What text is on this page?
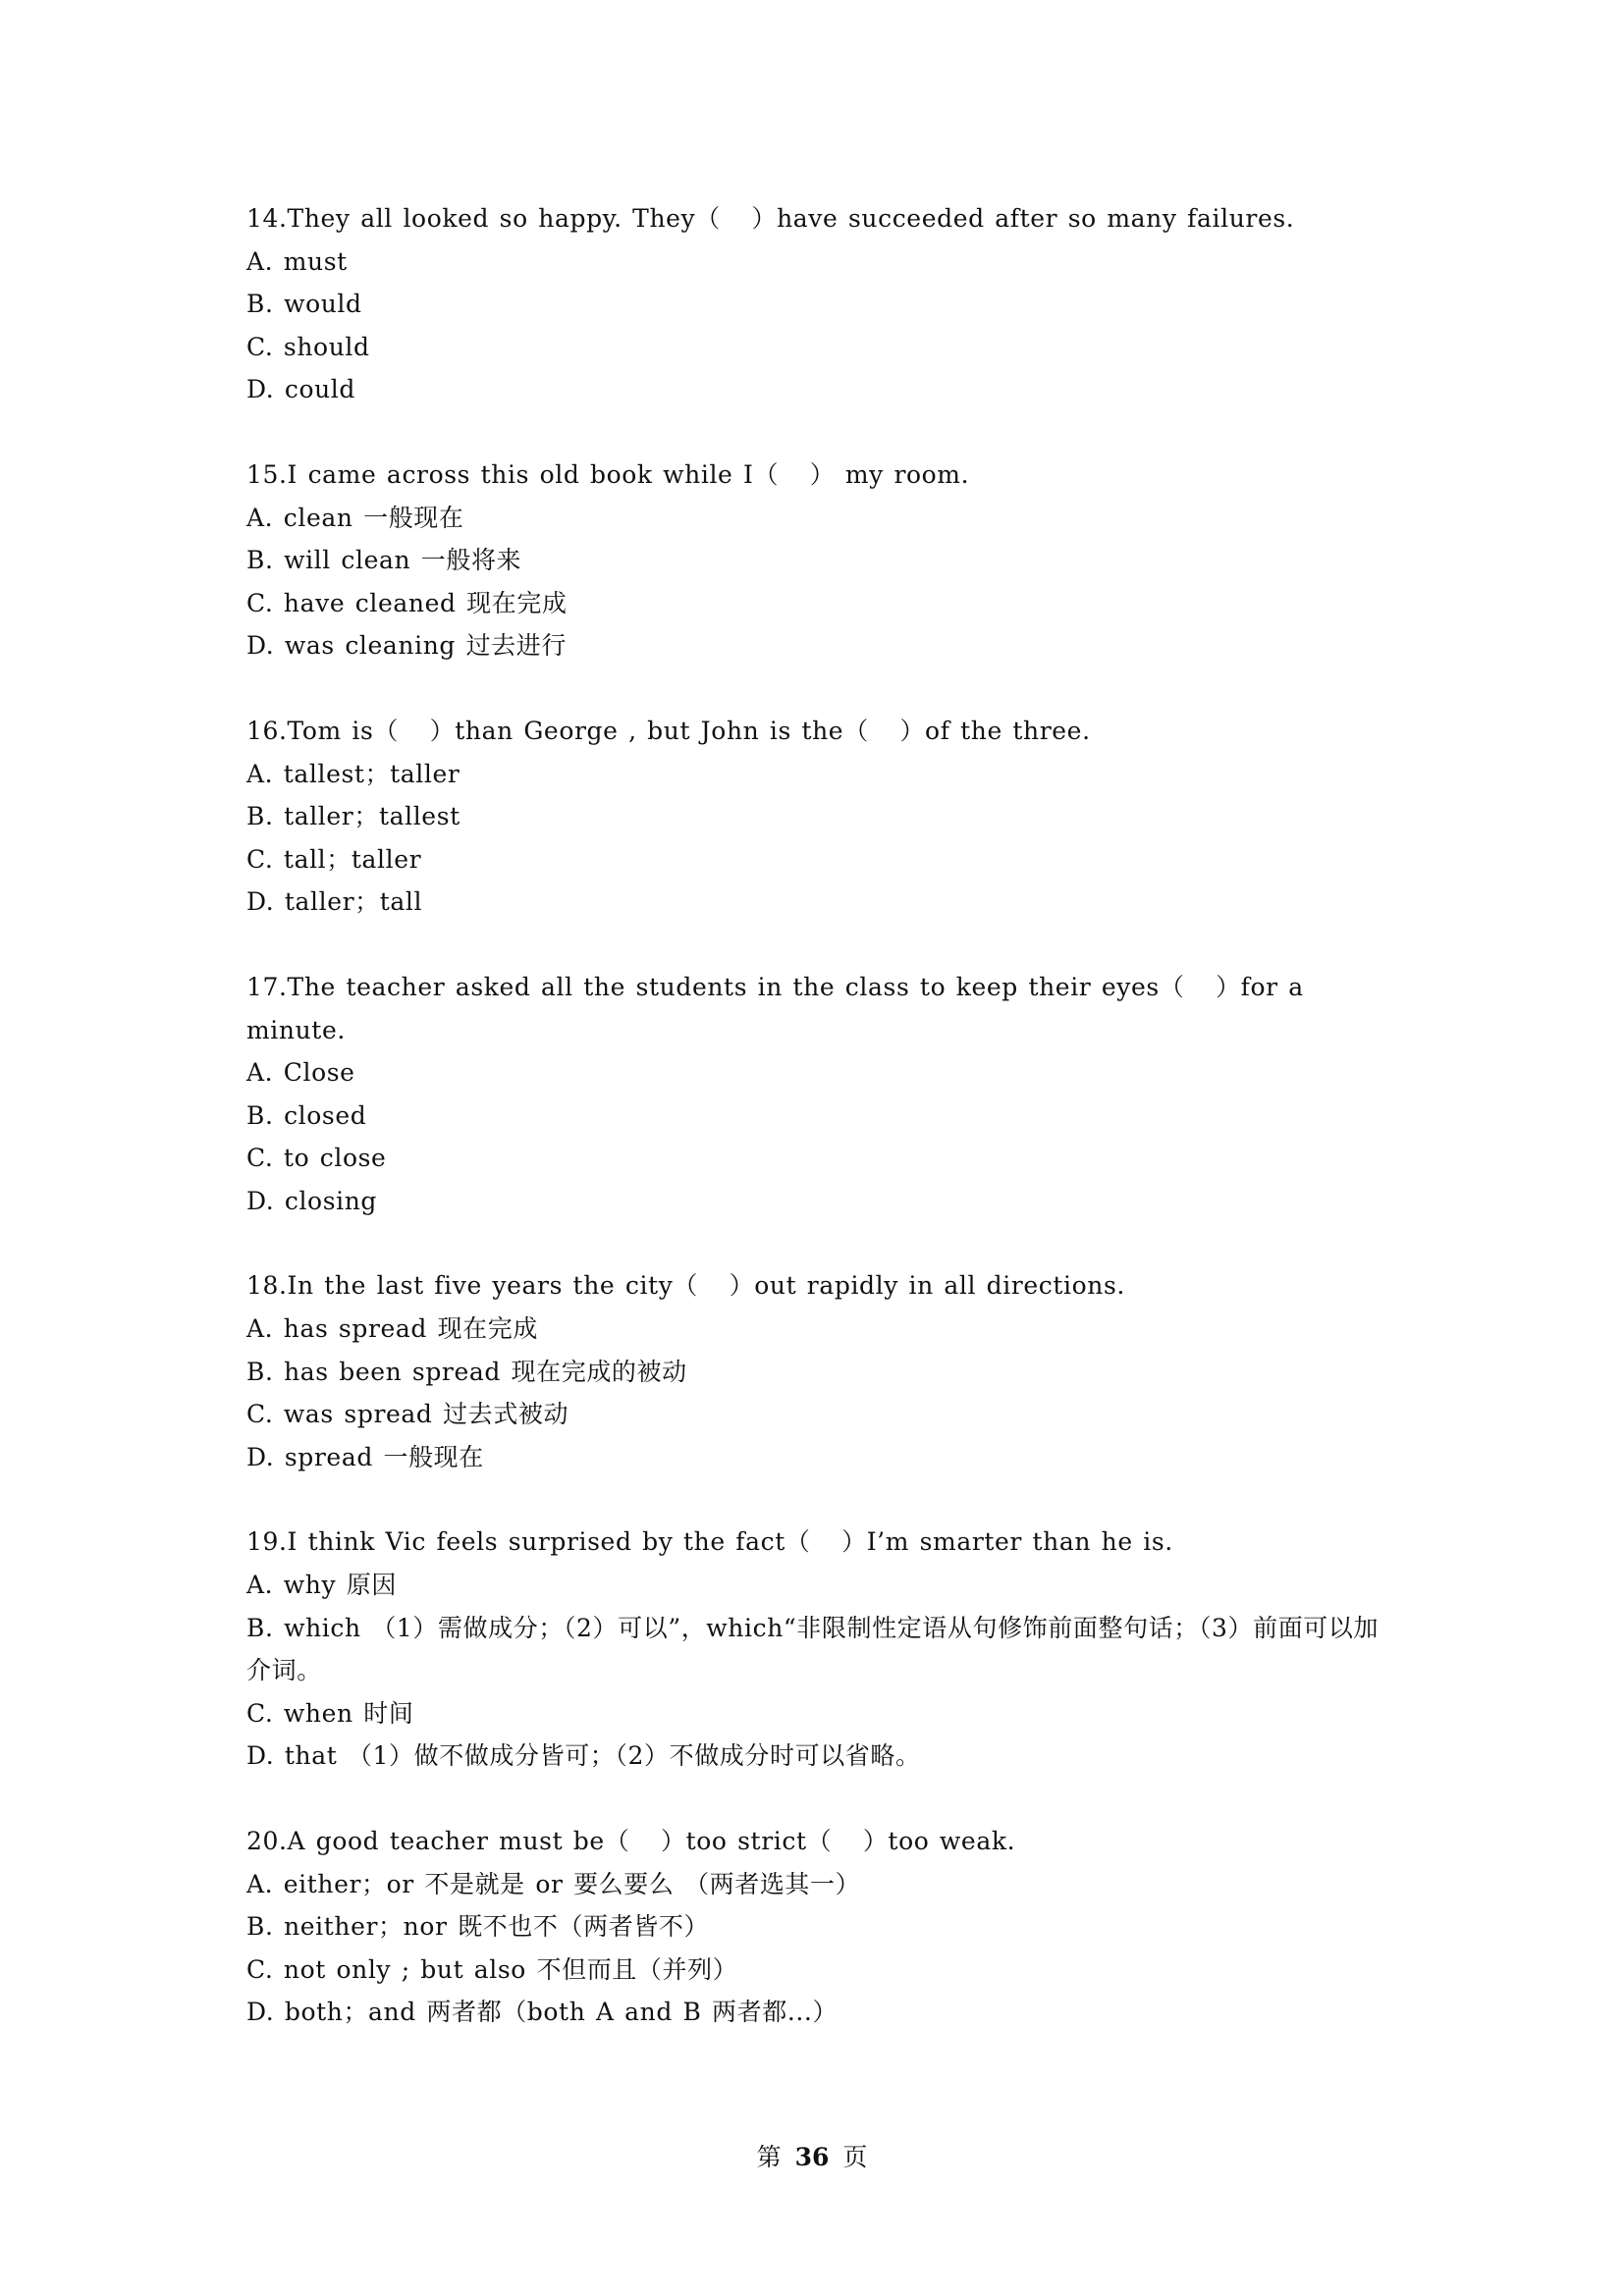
14.They all looked so happy. They（   ）have succeeded after so many failures.
A. must
B. would
C. should
D. could
15.I came across this old book while I（   ） my room.
A. clean 一般现在
B. will clean 一般将来
C. have cleaned 现在完成
D. was cleaning 过去进行
16.Tom is（   ）than George , but John is the（   ）of the three.
A. tallest；taller
B. taller；tallest
C. tall；taller
D. taller；tall
17.The teacher asked all the students in the class to keep their eyes（   ）for a minute.
A. Close
B. closed
C. to close
D. closing
18.In the last five years the city（   ）out rapidly in all directions.
A. has spread 现在完成
B. has been spread 现在完成的被动
C. was spread 过去式被动
D. spread 一般现在
19.I think Vic feels surprised by the fact（   ）I’m smarter than he is.
A. why 原因
B. which （1）需做成分；（2）可以”，which“非限制性定语从句修饰前面整句话；（3）前面可以加介词。
C. when 时间
D. that （1）做不做成分皆可；（2）不做成分时可以省略。
20.A good teacher must be（   ）too strict（   ）too weak.
A. either；or 不是就是 or 要么要么 （两者选其一）
B. neither；nor 既不也不（两者皆不）
C. not only ; but also 不但而且（并列）
D. both；and 两者都（both A and B 两者都...）
第 36 页
